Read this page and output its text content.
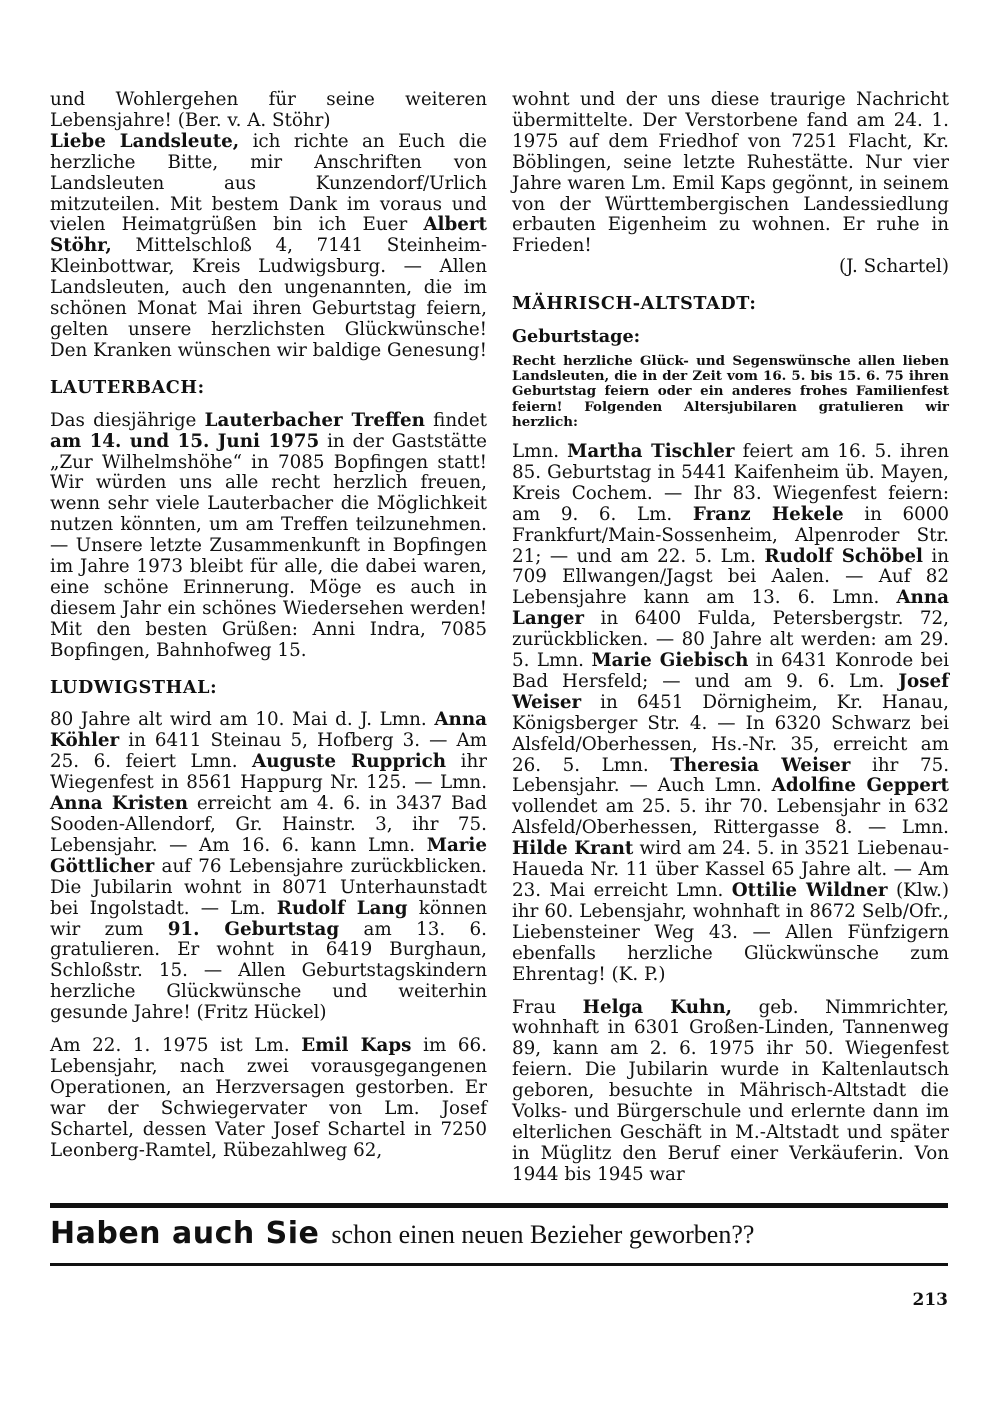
und Wohlergehen für seine weiteren Lebensjahre! (Ber. v. A. Stöhr)

Liebe Landsleute, ich richte an Euch die herzliche Bitte, mir Anschriften von Landsleuten aus Kunzendorf/Urlich mitzuteilen. Mit bestem Dank im voraus und vielen Heimatgrüßen bin ich Euer Albert Stöhr, Mittelschloß 4, 7141 Steinheim-Kleinbottwar, Kreis Ludwigsburg. — Allen Landsleuten, auch den ungenannten, die im schönen Monat Mai ihren Geburtstag feiern, gelten unsere herzlichsten Glückwünsche! Den Kranken wünschen wir baldige Genesung!

LAUTERBACH:

Das diesjährige Lauterbacher Treffen findet am 14. und 15. Juni 1975 in der Gaststätte „Zur Wilhelmshöhe“ in 7085 Bopfingen statt! Wir würden uns alle recht herzlich freuen, wenn sehr viele Lauterbacher die Möglichkeit nutzen könnten, um am Treffen teilzunehmen. — Unsere letzte Zusammenkunft in Bopfingen im Jahre 1973 bleibt für alle, die dabei waren, eine schöne Erinnerung. Möge es auch in diesem Jahr ein schönes Wiedersehen werden! Mit den besten Grüßen: Anni Indra, 7085 Bopfingen, Bahnhofweg 15.

LUDWIGSTHAL:

80 Jahre alt wird am 10. Mai d. J. Lmn. Anna Köhler in 6411 Steinau 5, Hofberg 3. — Am 25. 6. feiert Lmn. Auguste Rupprich ihr Wiegenfest in 8561 Happurg Nr. 125. — Lmn. Anna Kristen erreicht am 4. 6. in 3437 Bad Sooden-Allendorf, Gr. Hainstr. 3, ihr 75. Lebensjahr. — Am 16. 6. kann Lmn. Marie Göttlicher auf 76 Lebensjahre zurückblicken. Die Jubilarin wohnt in 8071 Unterhaunstadt bei Ingolstadt. — Lm. Rudolf Lang können wir zum 91. Geburtstag am 13. 6. gratulieren. Er wohnt in 6419 Burghaun, Schloßstr. 15. — Allen Geburtstagskindern herzliche Glückwünsche und weiterhin gesunde Jahre! (Fritz Hückel)

Am 22. 1. 1975 ist Lm. Emil Kaps im 66. Lebensjahr, nach zwei vorausgegangenen Operationen, an Herzversagen gestorben. Er war der Schwiegervater von Lm. Josef Schartel, dessen Vater Josef Schartel in 7250 Leonberg-Ramtel, Rübezahlweg 62,

wohnt und der uns diese traurige Nachricht übermittelte. Der Verstorbene fand am 24. 1. 1975 auf dem Friedhof von 7251 Flacht, Kr. Böblingen, seine letzte Ruhestätte. Nur vier Jahre waren Lm. Emil Kaps gegönnt, in seinem von der Württembergischen Landessiedlung erbauten Eigenheim zu wohnen. Er ruhe in Frieden!

(J. Schartel)

MÄHRISCH-ALTSTADT:
Geburtstage:

Recht herzliche Glück- und Segenswünsche allen lieben Landsleuten, die in der Zeit vom 16. 5. bis 15. 6. 75 ihren Geburtstag feiern oder ein anderes frohes Familienfest feiern! Folgenden Altersjubilaren gratulieren wir herzlich:

Lmn. Martha Tischler feiert am 16. 5. ihren 85. Geburtstag in 5441 Kaifenheim üb. Mayen, Kreis Cochem. — Ihr 83. Wiegenfest feiern: am 9. 6. Lm. Franz Hekele in 6000 Frankfurt/Main-Sossenheim, Alpenroder Str. 21; — und am 22. 5. Lm. Rudolf Schöbel in 709 Ellwangen/Jagst bei Aalen. — Auf 82 Lebensjahre kann am 13. 6. Lmn. Anna Langer in 6400 Fulda, Petersbergstr. 72, zurückblicken. — 80 Jahre alt werden: am 29. 5. Lmn. Marie Giebisch in 6431 Konrode bei Bad Hersfeld; — und am 9. 6. Lm. Josef Weiser in 6451 Dörnigheim, Kr. Hanau, Königsberger Str. 4. — In 6320 Schwarz bei Alsfeld/Oberhessen, Hs.-Nr. 35, erreicht am 26. 5. Lmn. Theresia Weiser ihr 75. Lebensjahr. — Auch Lmn. Adolfine Geppert vollendet am 25. 5. ihr 70. Lebensjahr in 632 Alsfeld/Oberhessen, Rittergasse 8. — Lmn. Hilde Krant wird am 24. 5. in 3521 Liebenau-Haueda Nr. 11 über Kassel 65 Jahre alt. — Am 23. Mai erreicht Lmn. Ottilie Wildner (Klw.) ihr 60. Lebensjahr, wohnhaft in 8672 Selb/Ofr., Liebensteiner Weg 43. — Allen Fünfzigern ebenfalls herzliche Glückwünsche zum Ehrentag! (K. P.)

Frau Helga Kuhn, geb. Nimmrichter, wohnhaft in 6301 Großen-Linden, Tannenweg 89, kann am 2. 6. 1975 ihr 50. Wiegenfest feiern. Die Jubilarin wurde in Kaltenlautsch geboren, besuchte in Mährisch-Altstadt die Volks- und Bürgerschule und erlernte dann im elterlichen Geschäft in M.-Altstadt und später in Müglitz den Beruf einer Verkäuferin. Von 1944 bis 1945 war

Haben auch Sie schon einen neuen Bezieher geworben??
213
